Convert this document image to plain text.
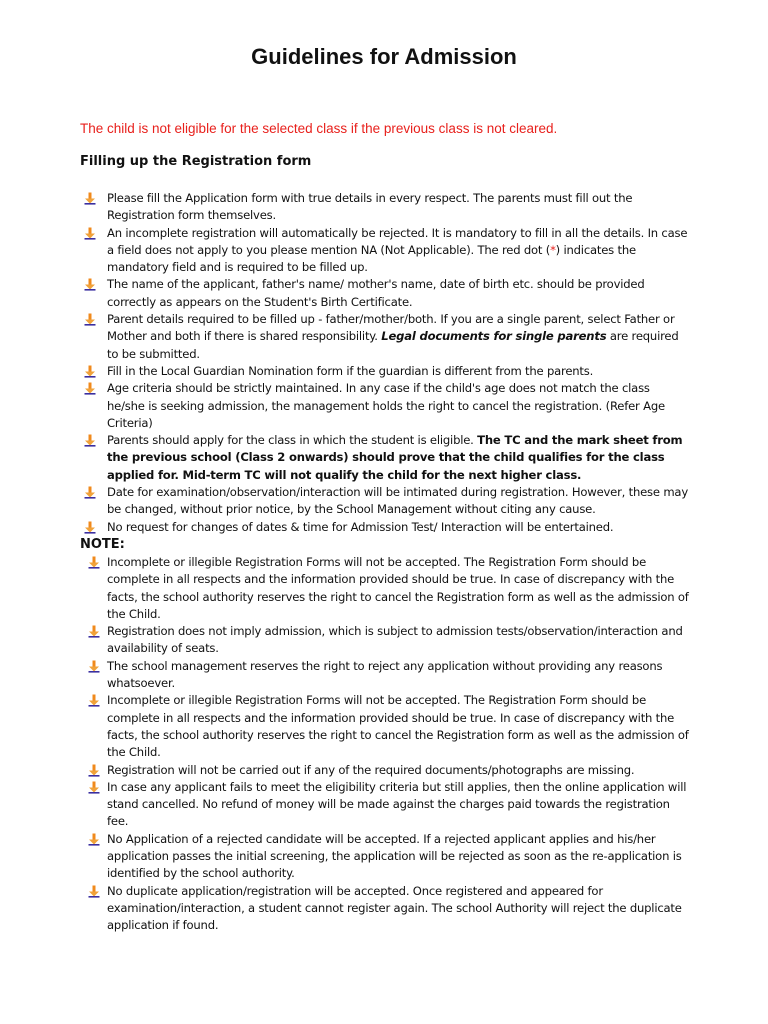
Guidelines for Admission
The child is not eligible for the selected class if the previous class is not cleared.
Filling up the Registration form
Please fill the Application form with true details in every respect. The parents must fill out the Registration form themselves.
An incomplete registration will automatically be rejected. It is mandatory to fill in all the details. In case a field does not apply to you please mention NA (Not Applicable). The red dot (*) indicates the mandatory field and is required to be filled up.
The name of the applicant, father's name/ mother's name, date of birth etc. should be provided correctly as appears on the Student's Birth Certificate.
Parent details required to be filled up - father/mother/both. If you are a single parent, select Father or Mother and both if there is shared responsibility. Legal documents for single parents are required to be submitted.
Fill in the Local Guardian Nomination form if the guardian is different from the parents.
Age criteria should be strictly maintained. In any case if the child's age does not match the class he/she is seeking admission, the management holds the right to cancel the registration. (Refer Age Criteria)
Parents should apply for the class in which the student is eligible. The TC and the mark sheet from the previous school (Class 2 onwards) should prove that the child qualifies for the class applied for. Mid-term TC will not qualify the child for the next higher class.
Date for examination/observation/interaction will be intimated during registration. However, these may be changed, without prior notice, by the School Management without citing any cause.
No request for changes of dates & time for Admission Test/ Interaction will be entertained.
NOTE:
Incomplete or illegible Registration Forms will not be accepted. The Registration Form should be complete in all respects and the information provided should be true. In case of discrepancy with the facts, the school authority reserves the right to cancel the Registration form as well as the admission of the Child.
Registration does not imply admission, which is subject to admission tests/observation/interaction and availability of seats.
The school management reserves the right to reject any application without providing any reasons whatsoever.
Incomplete or illegible Registration Forms will not be accepted. The Registration Form should be complete in all respects and the information provided should be true. In case of discrepancy with the facts, the school authority reserves the right to cancel the Registration form as well as the admission of the Child.
Registration will not be carried out if any of the required documents/photographs are missing.
In case any applicant fails to meet the eligibility criteria but still applies, then the online application will stand cancelled. No refund of money will be made against the charges paid towards the registration fee.
No Application of a rejected candidate will be accepted. If a rejected applicant applies and his/her application passes the initial screening, the application will be rejected as soon as the re-application is identified by the school authority.
No duplicate application/registration will be accepted. Once registered and appeared for examination/interaction, a student cannot register again. The school Authority will reject the duplicate application if found.
